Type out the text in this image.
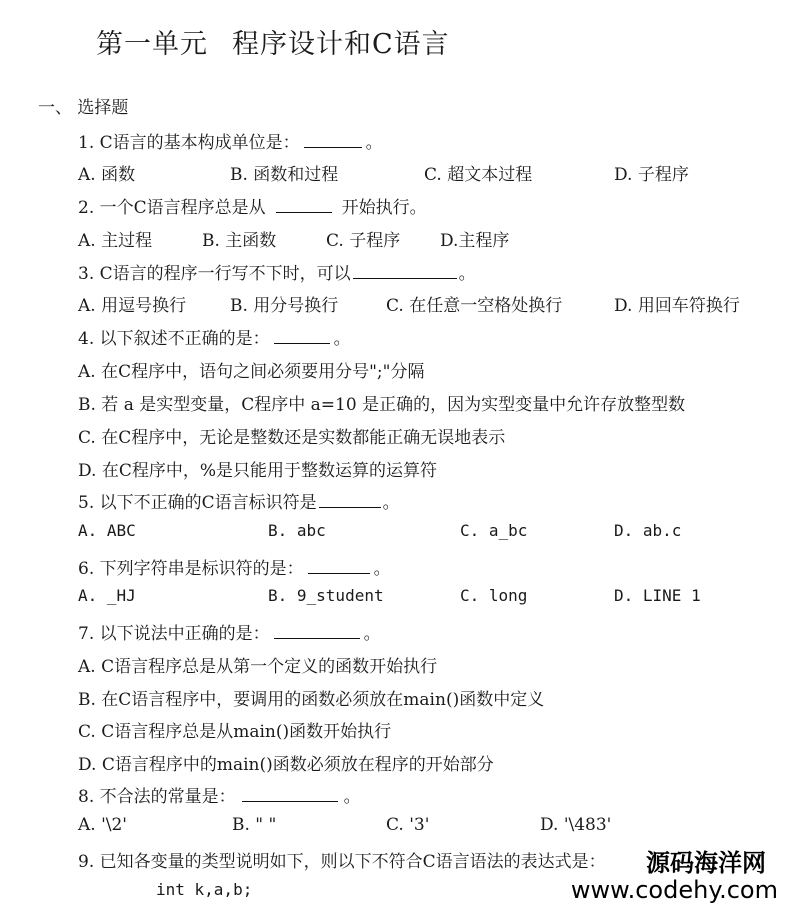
第一单元 程序设计和C语言
一、 选择题
1. C语言的基本构成单位是：	。
A. 函数	B. 函数和过程	C. 超文本过程	D. 子程序
2. 一个C语言程序总是从	开始执行。
A. 主过程	B. 主函数	C. 子程序 D.主程序
3. C语言的程序一行写不下时，可以	。
A. 用逗号换行	B. 用分号换行	C. 在任意一空格处换行	D. 用回车符换行
4. 以下叙述不正确的是：	。
A. 在C程序中，语句之间必须要用分号";"分隔
B. 若 a 是实型变量，C程序中 a=10 是正确的，因为实型变量中允许存放整型数
C. 在C程序中，无论是整数还是实数都能正确无误地表示
D. 在C程序中，%是只能用于整数运算的运算符
5. 以下不正确的C语言标识符是	。
A. ABC	B. abc	C. a_bc	D. ab.c
6. 下列字符串是标识符的是：	。
A. _HJ	B. 9_student	C. long	D. LINE 1
7. 以下说法中正确的是：	。
A. C语言程序总是从第一个定义的函数开始执行
B. 在C语言程序中，要调用的函数必须放在main()函数中定义
C. C语言程序总是从main()函数开始执行
D. C语言程序中的main()函数必须放在程序的开始部分
8. 不合法的常量是：	。
A. '\2'	B. " "	C. '3'	D. '\483'
9. 已知各变量的类型说明如下，则以下不符合C语言语法的表达式是：
int k,a,b;
源码海洋网
www.codehy.com
